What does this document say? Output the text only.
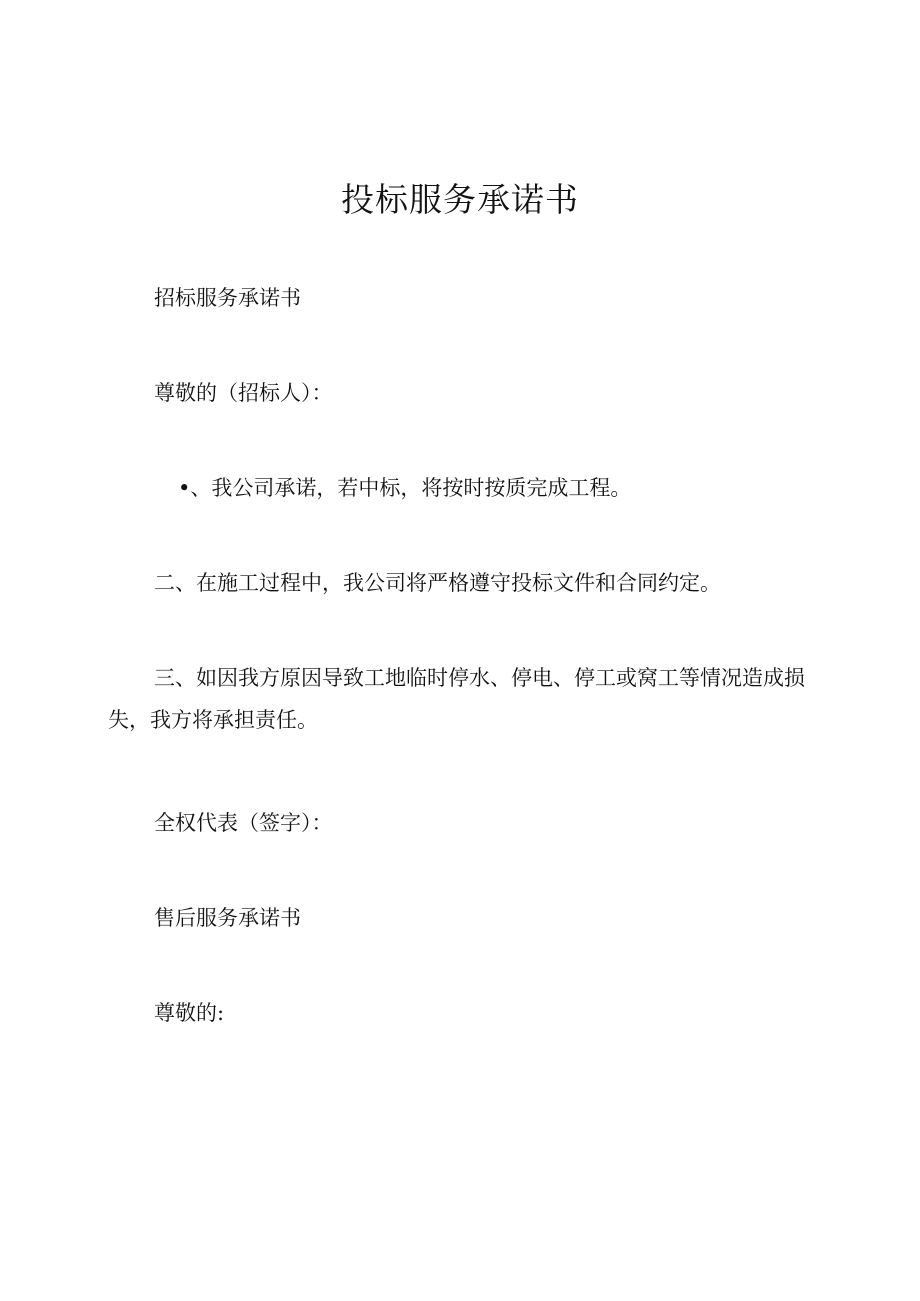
投标服务承诺书

招标服务承诺书

尊敬的（招标人）：

•、我公司承诺，若中标，将按时按质完成工程。

二、在施工过程中，我公司将严格遵守投标文件和合同约定。

三、如因我方原因导致工地临时停水、停电、停工或窝工等情况造成损失，我方将承担责任。

全权代表（签字）：

售后服务承诺书

尊敬的:
